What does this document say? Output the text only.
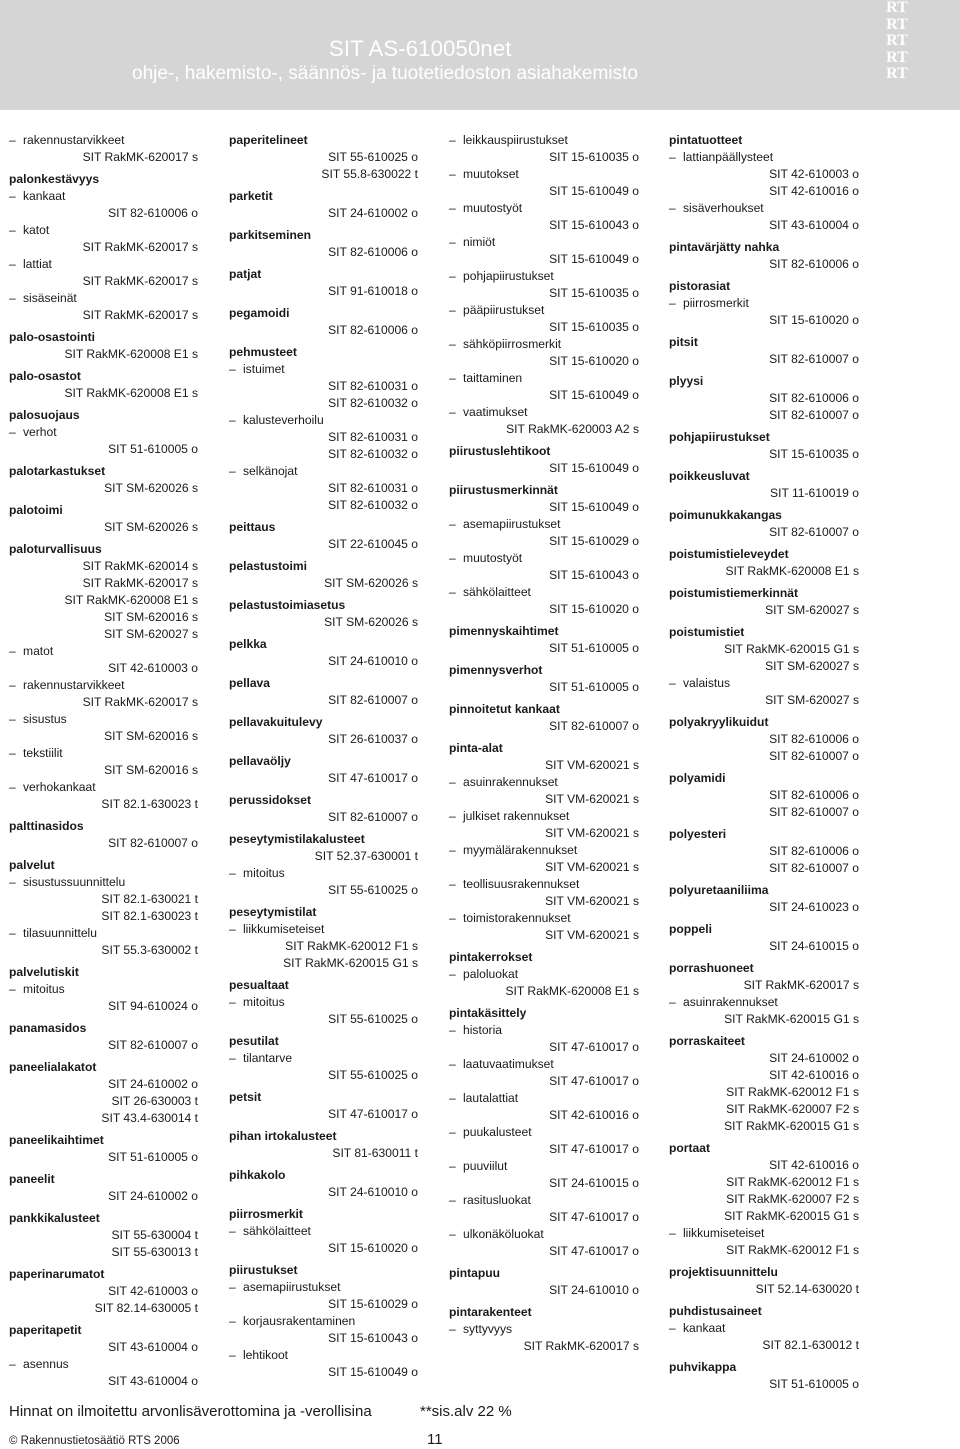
SIT AS-610050net
ohje-, hakemisto-, säännös- ja tuotetiedoston asiahakemisto
RT
RT
RT
RT
RT
– rakennustarvikkeet
SIT RakMK-620017 s
palonkestävyys
– kankaat
SIT 82-610006 o
– katot
SIT RakMK-620017 s
– lattiat
SIT RakMK-620017 s
– sisäseinät
SIT RakMK-620017 s
palo-osastointi
SIT RakMK-620008 E1 s
palo-osastot
SIT RakMK-620008 E1 s
palosuojaus
– verhot
SIT 51-610005 o
palotarkastukset
SIT SM-620026 s
palotoimi
SIT SM-620026 s
paloturvallisuus
SIT RakMK-620014 s
SIT RakMK-620017 s
SIT RakMK-620008 E1 s
SIT SM-620016 s
SIT SM-620027 s
– matot
SIT 42-610003 o
– rakennustarvikkeet
SIT RakMK-620017 s
– sisustus
SIT SM-620016 s
– tekstiilit
SIT SM-620016 s
– verhokankaat
SIT 82.1-630023 t
palttinasidos
SIT 82-610007 o
palvelut
– sisustussuunnittelu
SIT 82.1-630021 t
SIT 82.1-630023 t
– tilasuunnittelu
SIT 55.3-630002 t
palvelutiskit
– mitoitus
SIT 94-610024 o
panamasidos
SIT 82-610007 o
paneelialakatot
SIT 24-610002 o
SIT 26-630003 t
SIT 43.4-630014 t
paneelikaihtimet
SIT 51-610005 o
paneelit
SIT 24-610002 o
pankkikalusteet
SIT 55-630004 t
SIT 55-630013 t
paperinarumatot
SIT 42-610003 o
SIT 82.14-630005 t
paperitapetit
SIT 43-610004 o
– asennus
SIT 43-610004 o
paperitelineet
SIT 55-610025 o
SIT 55.8-630022 t
parketit
SIT 24-610002 o
parkitseminen
SIT 82-610006 o
patjat
SIT 91-610018 o
pegamoidi
SIT 82-610006 o
pehmusteet
– istuimet
SIT 82-610031 o
SIT 82-610032 o
– kalusteverhoilu
SIT 82-610031 o
SIT 82-610032 o
– selkänojat
SIT 82-610031 o
SIT 82-610032 o
peittaus
SIT 22-610045 o
pelastustoimi
SIT SM-620026 s
pelastustoimiasetus
SIT SM-620026 s
pelkka
SIT 24-610010 o
pellava
SIT 82-610007 o
pellavakuitulevy
SIT 26-610037 o
pellavaöljy
SIT 47-610017 o
perussidokset
SIT 82-610007 o
peseytymistilakalusteet
SIT 52.37-630001 t
– mitoitus
SIT 55-610025 o
peseytymistilat
– liikkumiseteiset
SIT RakMK-620012 F1 s
SIT RakMK-620015 G1 s
pesualtaat
– mitoitus
SIT 55-610025 o
pesutilat
– tilantarve
SIT 55-610025 o
petsit
SIT 47-610017 o
pihan irtokalusteet
SIT 81-630011 t
pihkakolo
SIT 24-610010 o
piirrosmerkit
– sähkölaitteet
SIT 15-610020 o
piirustukset
– asemapiirustukset
SIT 15-610029 o
– korjausrakentaminen
SIT 15-610043 o
– lehtikoot
SIT 15-610049 o
– leikkauspiirustukset
SIT 15-610035 o
– muutokset
SIT 15-610049 o
– muutostyöt
SIT 15-610043 o
– nimiöt
SIT 15-610049 o
– pohjapiirustukset
SIT 15-610035 o
– pääpiirustukset
SIT 15-610035 o
– sähköpiirrosmerkit
SIT 15-610020 o
– taittaminen
SIT 15-610049 o
– vaatimukset
SIT RakMK-620003 A2 s
piirustuslehtikoot
SIT 15-610049 o
piirustusmerkinnät
SIT 15-610049 o
– asemapiirustukset
SIT 15-610029 o
– muutostyöt
SIT 15-610043 o
– sähkölaitteet
SIT 15-610020 o
pimennyskaihtimet
SIT 51-610005 o
pimennysverhot
SIT 51-610005 o
pinnoitetut kankaat
SIT 82-610007 o
pinta-alat
SIT VM-620021 s
– asuinrakennukset
SIT VM-620021 s
– julkiset rakennukset
SIT VM-620021 s
– myymälärakennukset
SIT VM-620021 s
– teollisuusrakennukset
SIT VM-620021 s
– toimistorakennukset
SIT VM-620021 s
pintakerrokset
– paloluokat
SIT RakMK-620008 E1 s
pintakäsittely
– historia
SIT 47-610017 o
– laatuvaatimukset
SIT 47-610017 o
– lautalattiat
SIT 42-610016 o
– puukalusteet
SIT 47-610017 o
– puuviilut
SIT 24-610015 o
– rasitusluokat
SIT 47-610017 o
– ulkonäköluokat
SIT 47-610017 o
pintapuu
SIT 24-610010 o
pintarakenteet
– syttyvyys
SIT RakMK-620017 s
pintatuotteet
– lattianpäällysteet
SIT 42-610003 o
SIT 42-610016 o
– sisäverhoukset
SIT 43-610004 o
pintavärjätty nahka
SIT 82-610006 o
pistorasiat
– piirrosmerkit
SIT 15-610020 o
pitsit
SIT 82-610007 o
plyysi
SIT 82-610006 o
SIT 82-610007 o
pohjapiirustukset
SIT 15-610035 o
poikkeusluvat
SIT 11-610019 o
poimunukkakangas
SIT 82-610007 o
poistumistieleveydet
SIT RakMK-620008 E1 s
poistumistiemerkinnät
SIT SM-620027 s
poistumistiet
SIT RakMK-620015 G1 s
SIT SM-620027 s
– valaistus
SIT SM-620027 s
polyakryylikuidut
SIT 82-610006 o
SIT 82-610007 o
polyamidi
SIT 82-610006 o
SIT 82-610007 o
polyesteri
SIT 82-610006 o
SIT 82-610007 o
polyuretaaniliima
SIT 24-610023 o
poppeli
SIT 24-610015 o
porrashuoneet
SIT RakMK-620017 s
– asuinrakennukset
SIT RakMK-620015 G1 s
porraskaiteet
SIT 24-610002 o
SIT 42-610016 o
SIT RakMK-620012 F1 s
SIT RakMK-620007 F2 s
SIT RakMK-620015 G1 s
portaat
SIT 42-610016 o
SIT RakMK-620012 F1 s
SIT RakMK-620007 F2 s
SIT RakMK-620015 G1 s
– liikkumiseteiset
SIT RakMK-620012 F1 s
projektisuunnittelu
SIT 52.14-630020 t
puhdistusaineet
– kankaat
SIT 82.1-630012 t
puhvikappa
SIT 51-610005 o
Hinnat on ilmoitettu arvonlisäverottomina ja -verollisina	**sis.alv 22 %
© Rakennustietosäätiö RTS 2006	11
